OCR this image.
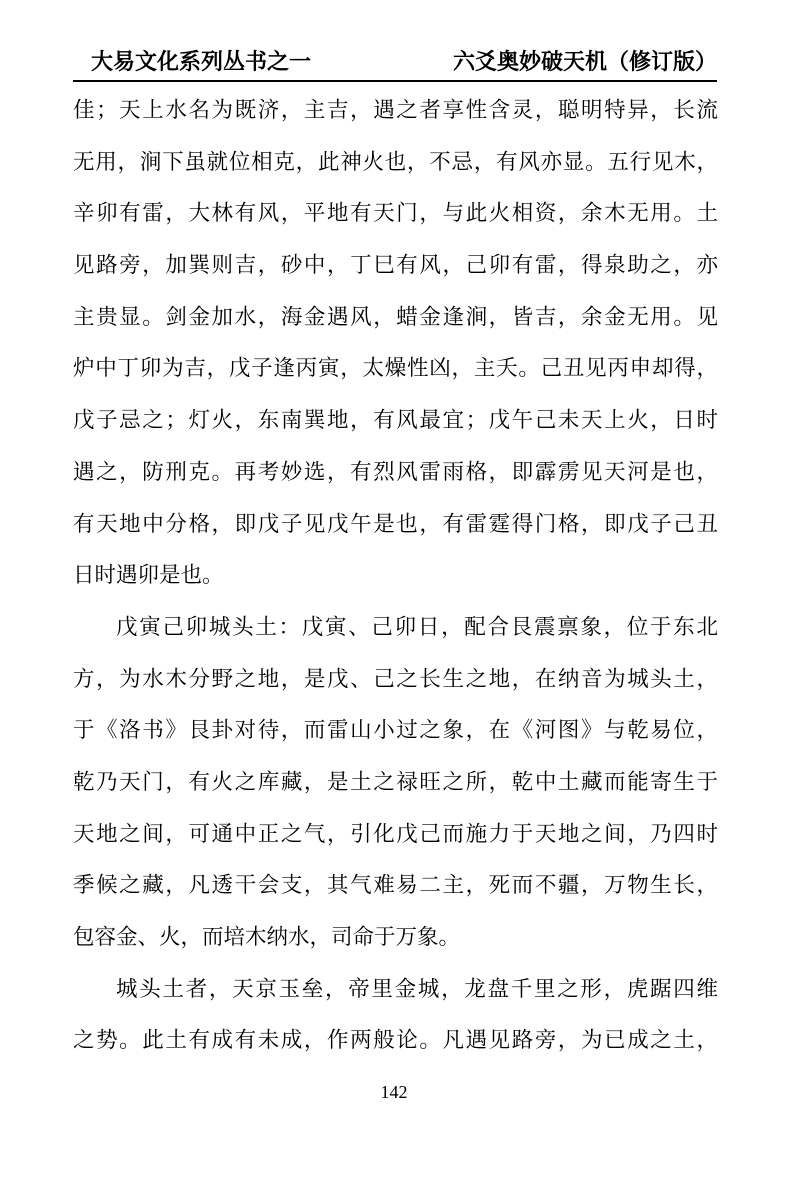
大易文化系列丛书之一	六爻奥妙破天机（修订版）
佳；天上水名为既济，主吉，遇之者享性含灵，聪明特异，长流
无用，涧下虽就位相克，此神火也，不忌，有风亦显。五行见木，
辛卯有雷，大林有风，平地有天门，与此火相资，余木无用。土
见路旁，加巽则吉，砂中，丁巳有风，己卯有雷，得泉助之，亦
主贵显。剑金加水，海金遇风，蜡金逢涧，皆吉，余金无用。见
炉中丁卯为吉，戊子逢丙寅，太燥性凶，主夭。己丑见丙申却得，
戊子忌之；灯火，东南巽地，有风最宜；戊午己未天上火，日时
遇之，防刑克。再考妙选，有烈风雷雨格，即霹雳见天河是也，
有天地中分格，即戊子见戊午是也，有雷霆得门格，即戊子己丑
日时遇卯是也。
戊寅己卯城头土：戊寅、己卯日，配合艮震禀象，位于东北
方，为水木分野之地，是戊、己之长生之地，在纳音为城头土，
于《洛书》艮卦对待，而雷山小过之象，在《河图》与乾易位，
乾乃天门，有火之库藏，是土之禄旺之所，乾中土藏而能寄生于
天地之间，可通中正之气，引化戊己而施力于天地之间，乃四时
季候之藏，凡透干会支，其气难易二主，死而不疆，万物生长，
包容金、火，而培木纳水，司命于万象。
城头土者，天京玉垒，帝里金城，龙盘千里之形，虎踞四维
之势。此土有成有未成，作两般论。凡遇见路旁，为已成之土，
142
